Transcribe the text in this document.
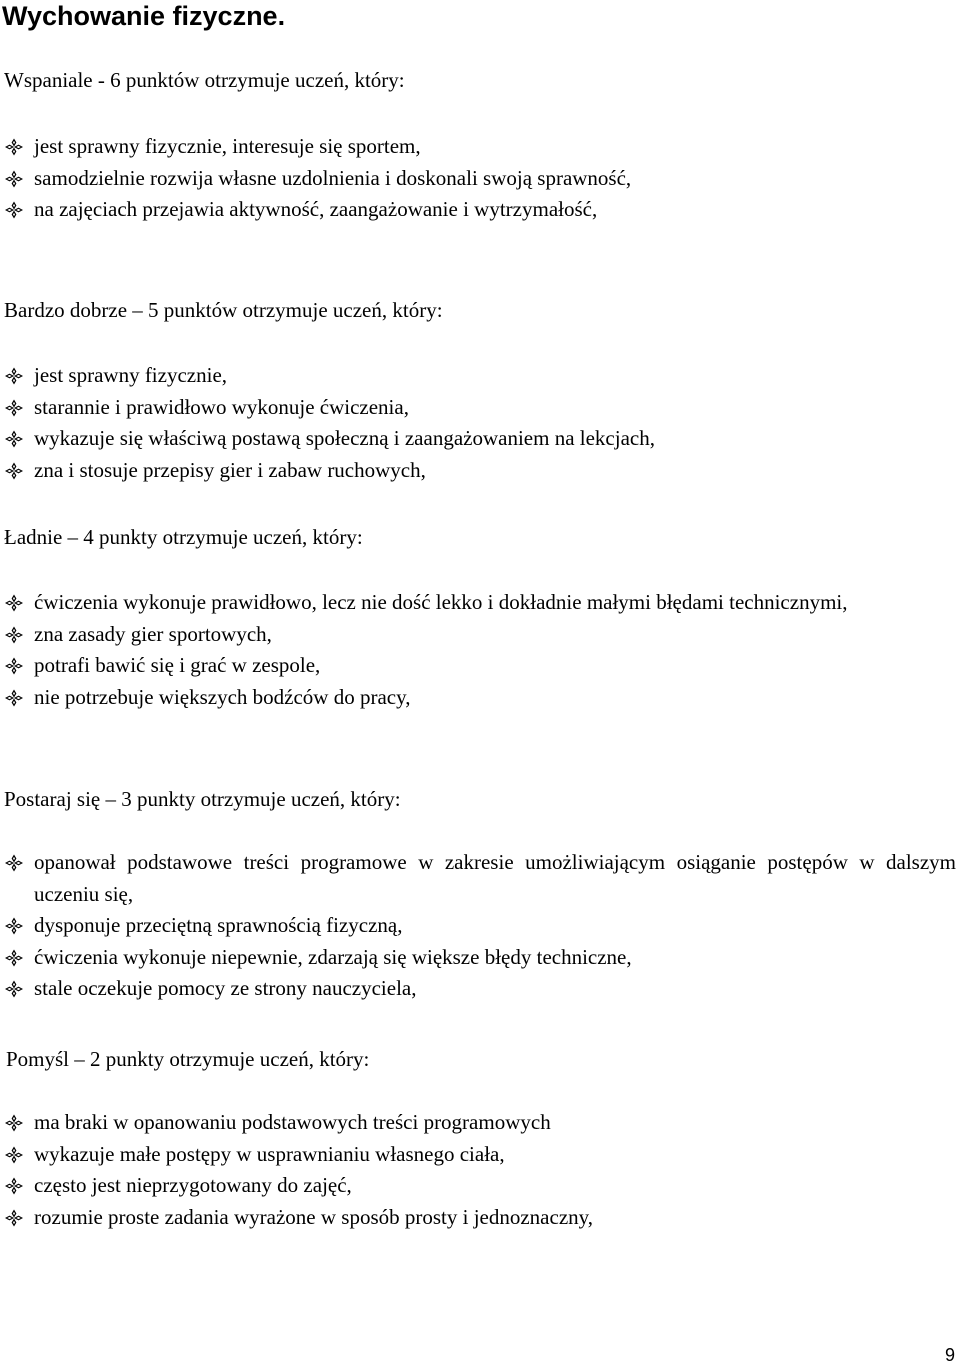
Wychowanie fizyczne.

Wspaniale - 6 punktów otrzymuje uczeń, który:

jest sprawny fizycznie, interesuje się sportem,
samodzielnie rozwija własne uzdolnienia i doskonali swoją sprawność,
na zajęciach przejawia aktywność, zaangażowanie i wytrzymałość,

Bardzo dobrze – 5 punktów otrzymuje uczeń, który:

jest sprawny fizycznie,
starannie i prawidłowo wykonuje ćwiczenia,
wykazuje się właściwą postawą społeczną i zaangażowaniem na lekcjach,
zna i stosuje przepisy gier i zabaw ruchowych,

Ładnie – 4 punkty otrzymuje uczeń, który:

ćwiczenia wykonuje prawidłowo, lecz nie dość lekko i dokładnie małymi błędami technicznymi,
zna zasady gier sportowych,
potrafi bawić się i grać w zespole,
nie potrzebuje większych bodźców do pracy,

Postaraj się – 3 punkty otrzymuje uczeń, który:

opanował podstawowe treści programowe w zakresie umożliwiającym osiąganie postępów w dalszym uczeniu się,
dysponuje przeciętną sprawnością fizyczną,
ćwiczenia wykonuje niepewnie, zdarzają się większe błędy techniczne,
stale oczekuje pomocy ze strony nauczyciela,

Pomyśl – 2 punkty otrzymuje uczeń, który:

ma braki w opanowaniu podstawowych treści programowych
wykazuje małe postępy w usprawnianiu własnego ciała,
często jest nieprzygotowany do zajęć,
rozumie proste zadania wyrażone w sposób prosty i jednoznaczny,

9
